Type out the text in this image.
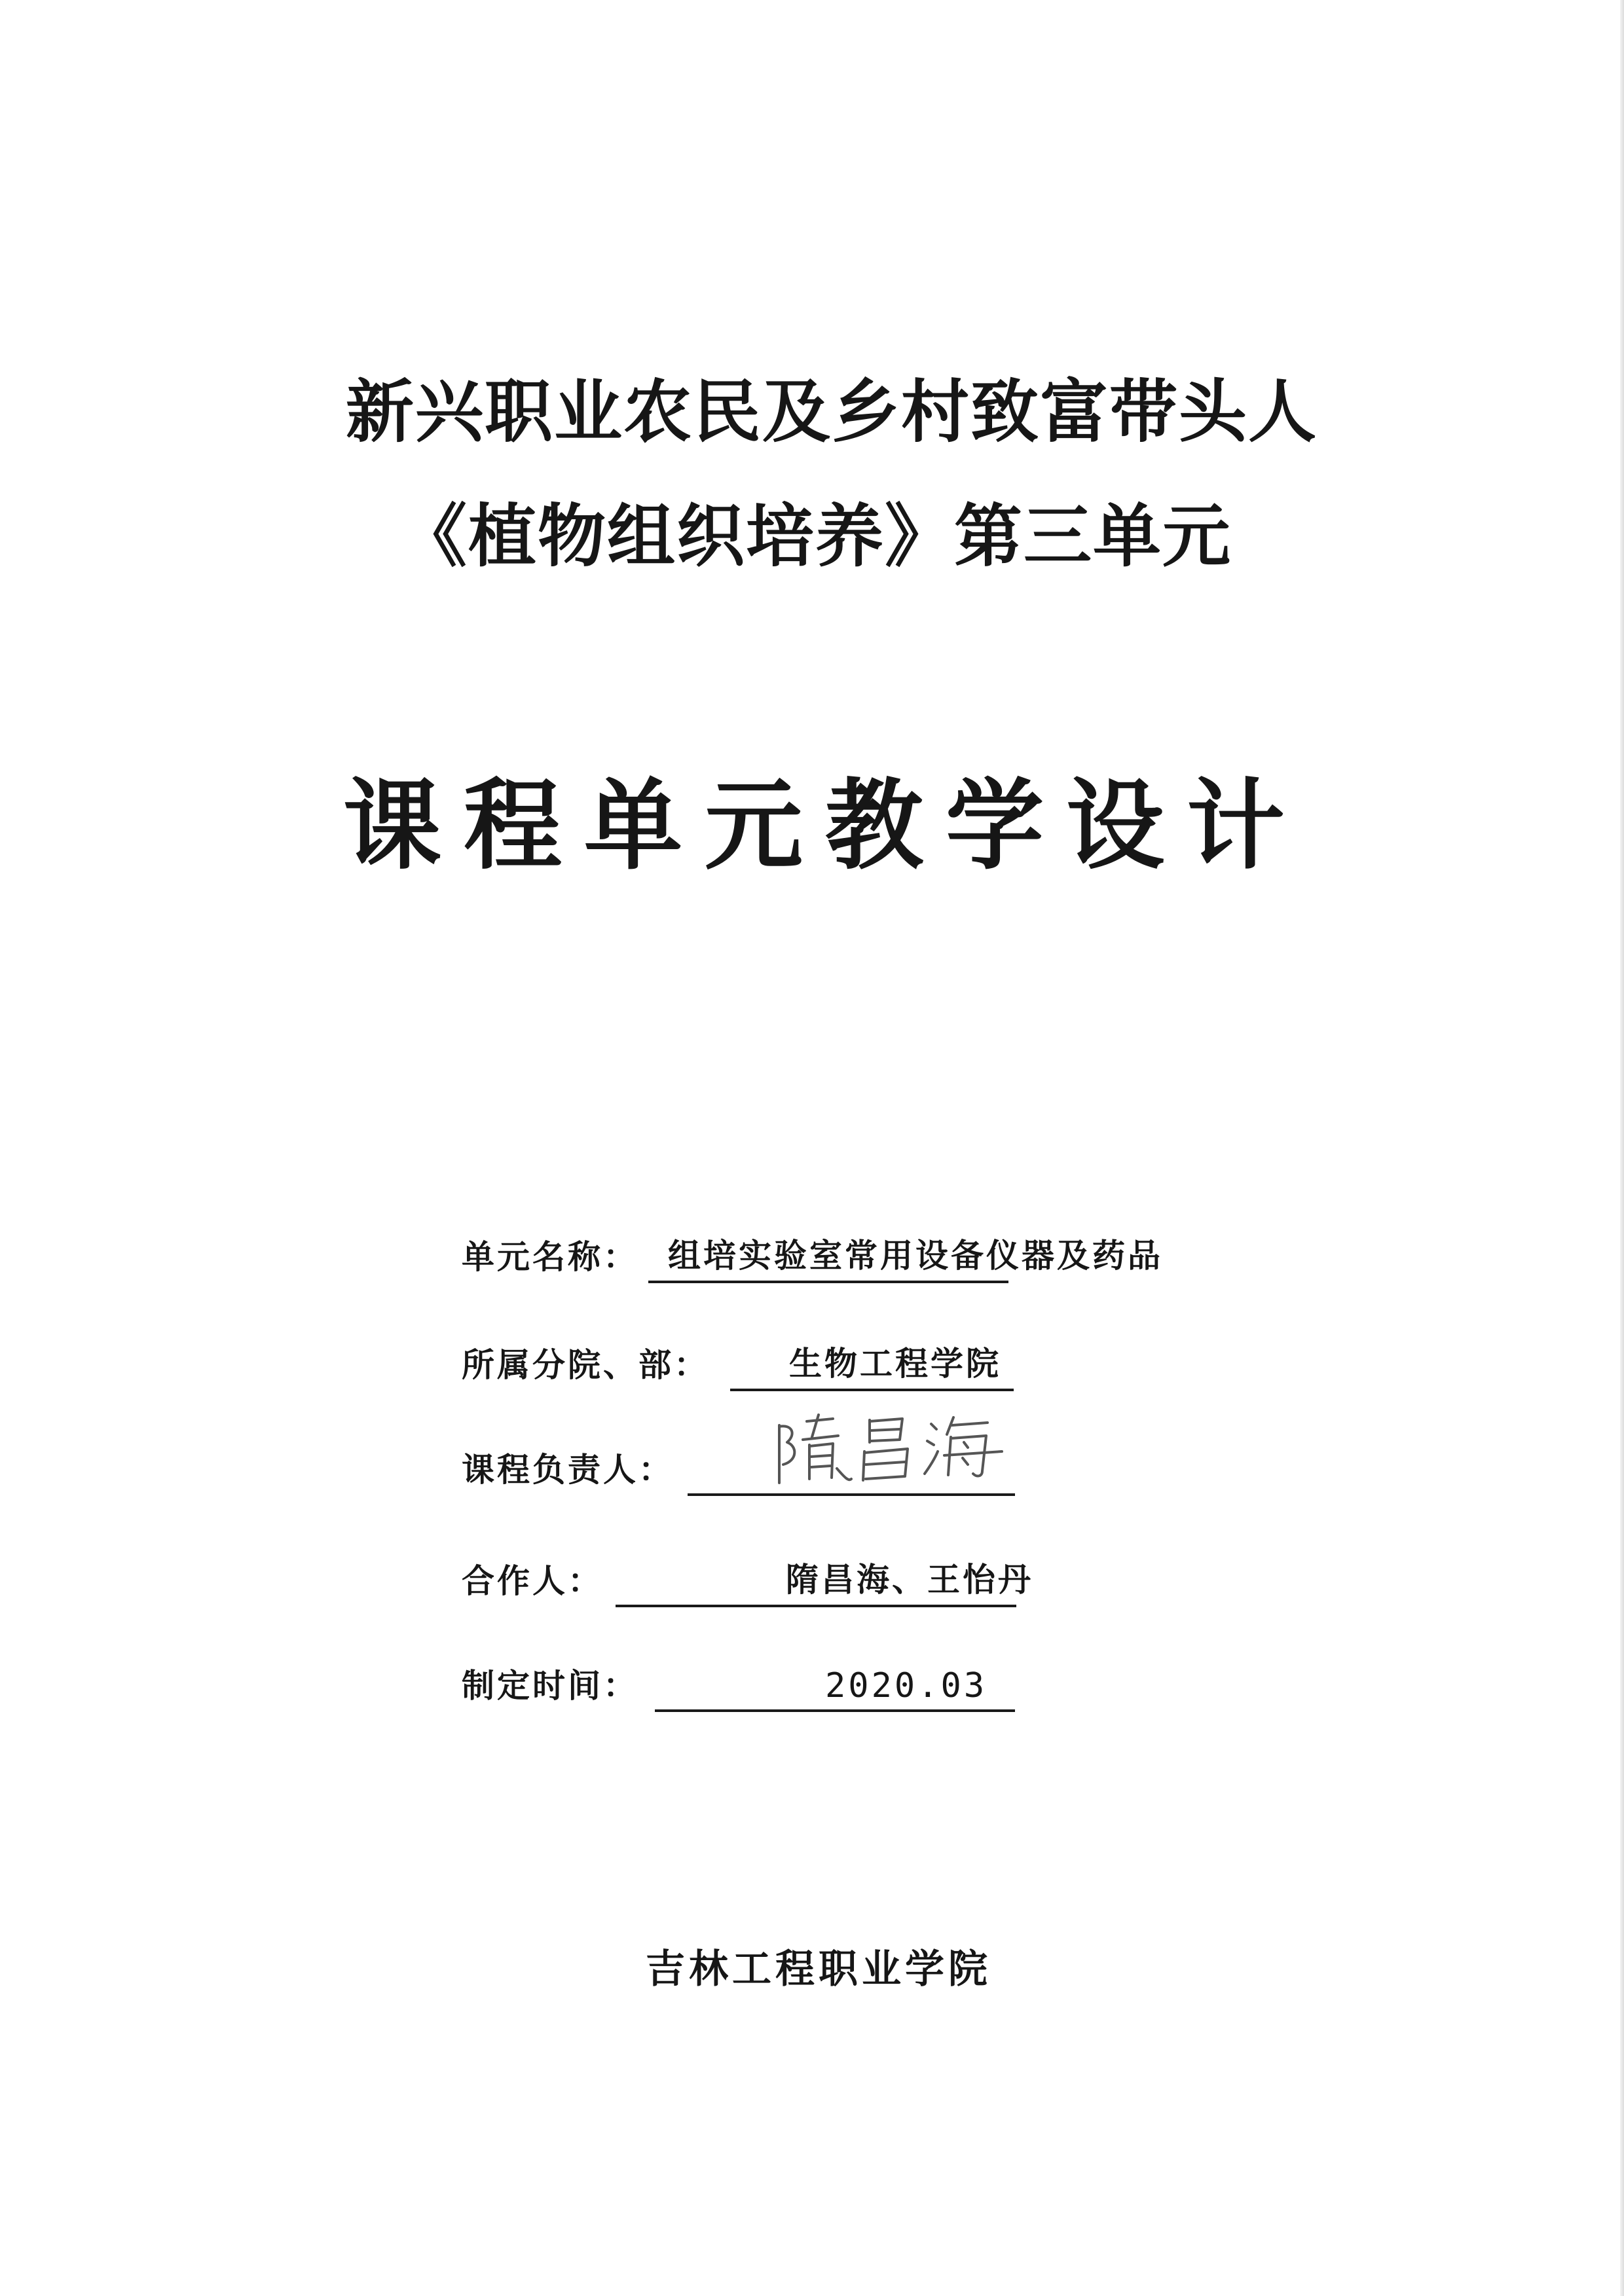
新兴职业农民及乡村致富带头人
《植物组织培养》第三单元
课程单元教学设计
单元名称： 组培实验室常用设备仪器及药品
所属分院、部： 生物工程学院
课程负责人：
合作人：	隋昌海、王怡丹
制定时间：	2020.03
吉林工程职业学院
